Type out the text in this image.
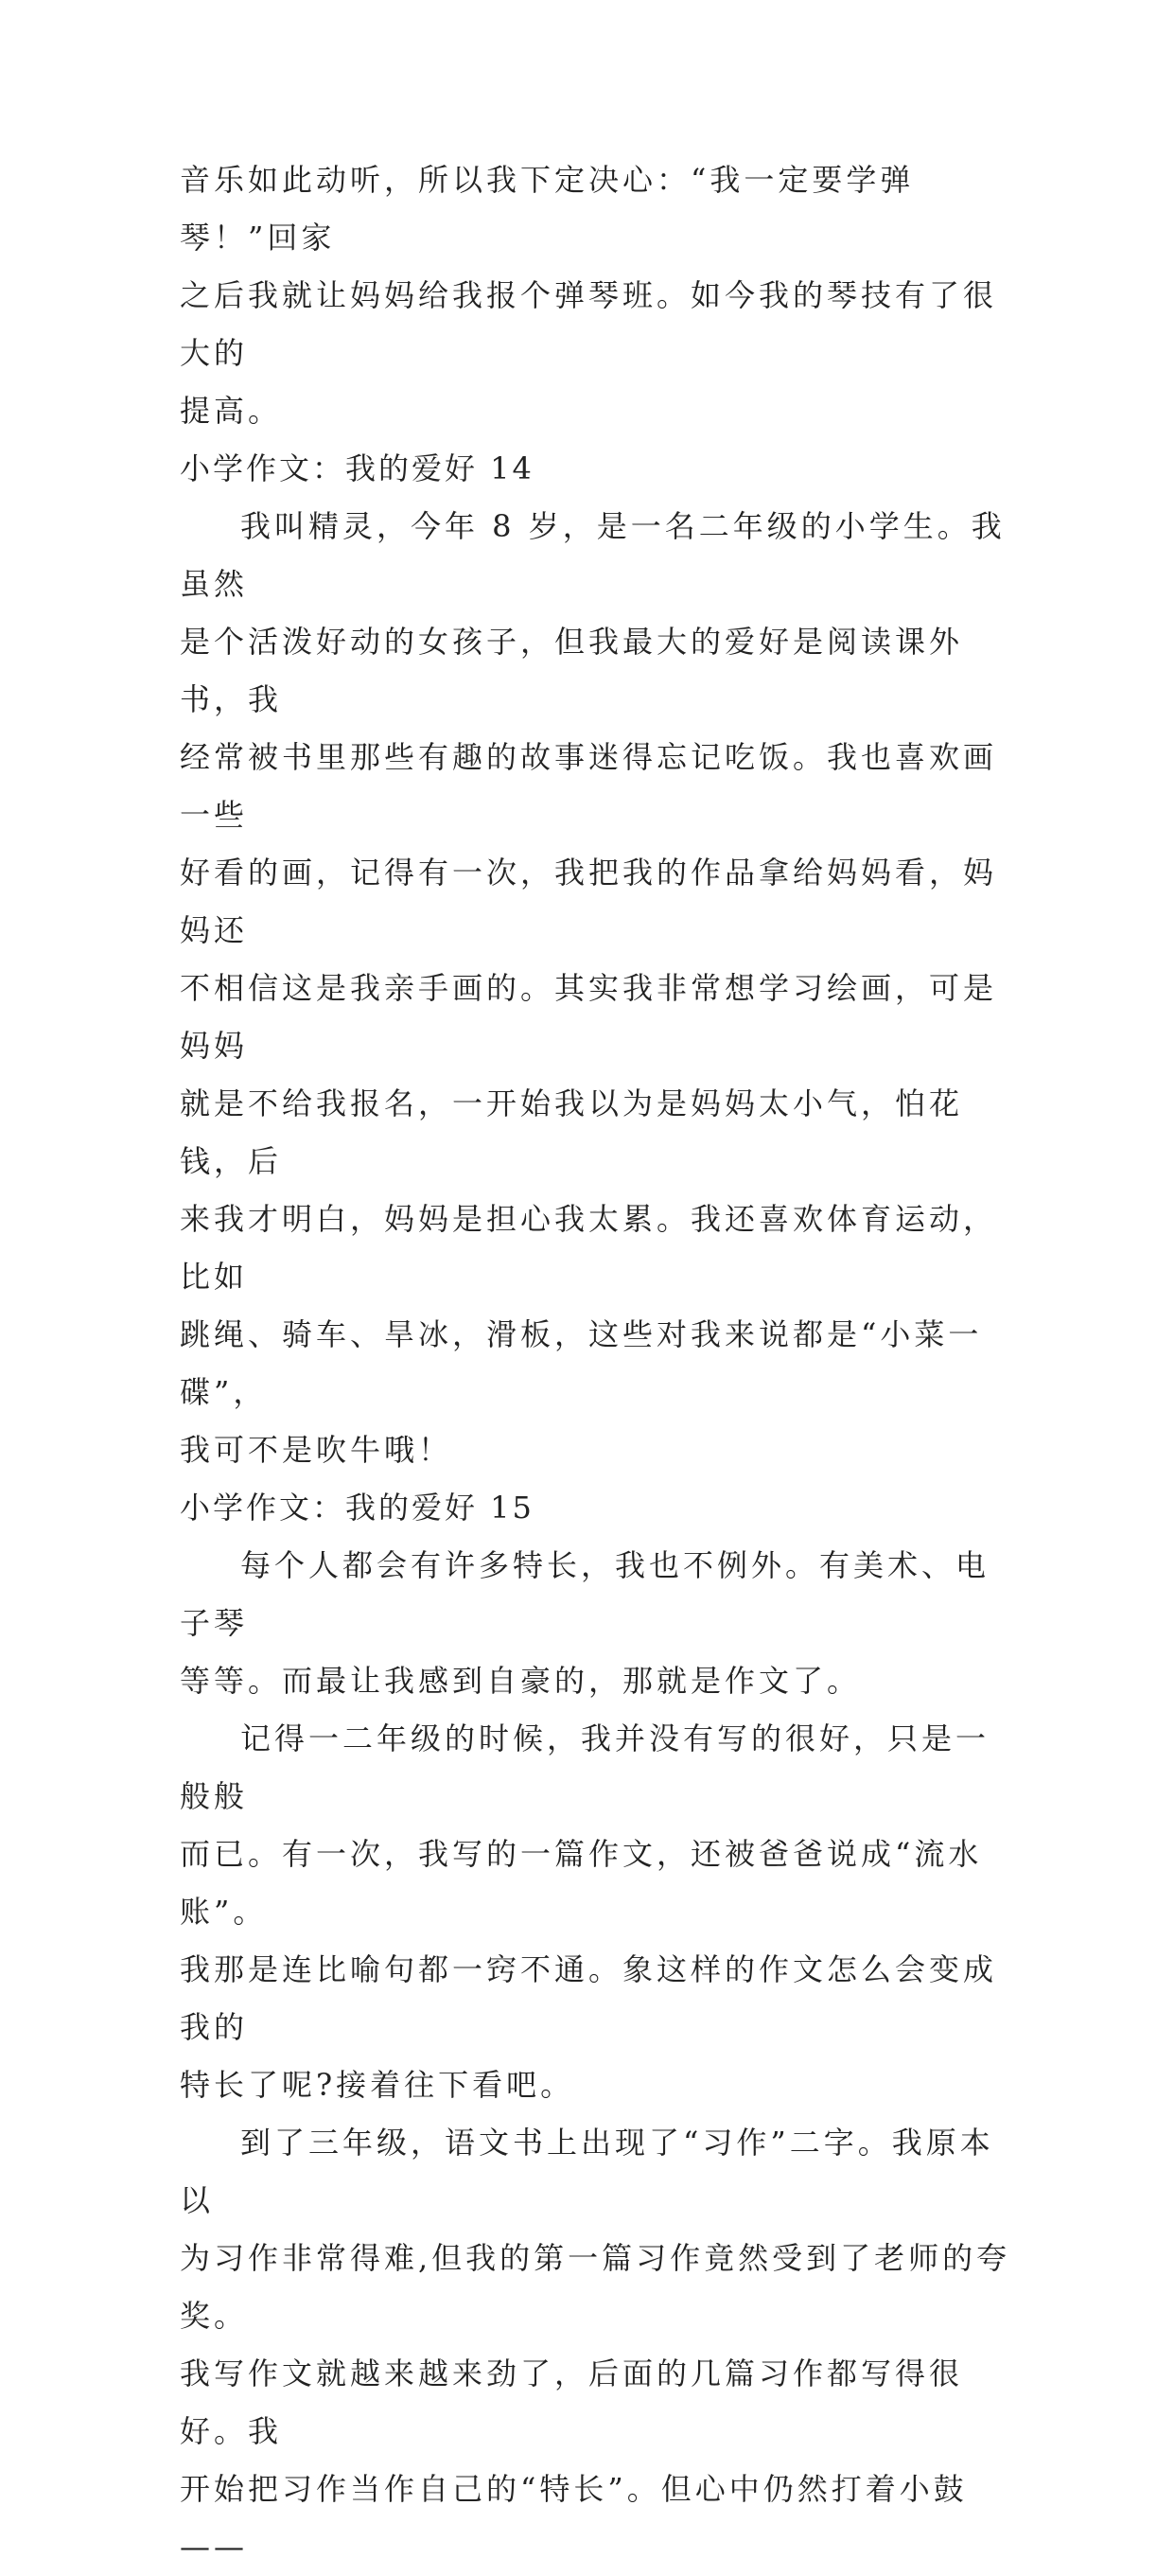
音乐如此动听，所以我下定决心：“我一定要学弹琴！”回家

之后我就让妈妈给我报个弹琴班。如今我的琴技有了很大的

提高。

小学作文：我的爱好 14

我叫精灵，今年 8 岁，是一名二年级的小学生。我虽然

是个活泼好动的女孩子，但我最大的爱好是阅读课外书，我

经常被书里那些有趣的故事迷得忘记吃饭。我也喜欢画一些

好看的画，记得有一次，我把我的作品拿给妈妈看，妈妈还

不相信这是我亲手画的。其实我非常想学习绘画，可是妈妈

就是不给我报名，一开始我以为是妈妈太小气，怕花钱，后

来我才明白，妈妈是担心我太累。我还喜欢体育运动，比如

跳绳、骑车、旱冰，滑板，这些对我来说都是“小菜一碟”，

我可不是吹牛哦！

小学作文：我的爱好 15

每个人都会有许多特长，我也不例外。有美术、电子琴

等等。而最让我感到自豪的，那就是作文了。

记得一二年级的时候，我并没有写的很好，只是一般般

而已。有一次，我写的一篇作文，还被爸爸说成“流水账”。

我那是连比喻句都一窍不通。象这样的作文怎么会变成我的

特长了呢?接着往下看吧。

到了三年级，语文书上出现了“习作”二字。我原本以

为习作非常得难,但我的第一篇习作竟然受到了老师的夸奖。

我写作文就越来越来劲了，后面的几篇习作都写得很好。我

开始把习作当作自己的“特长”。但心中仍然打着小鼓——
